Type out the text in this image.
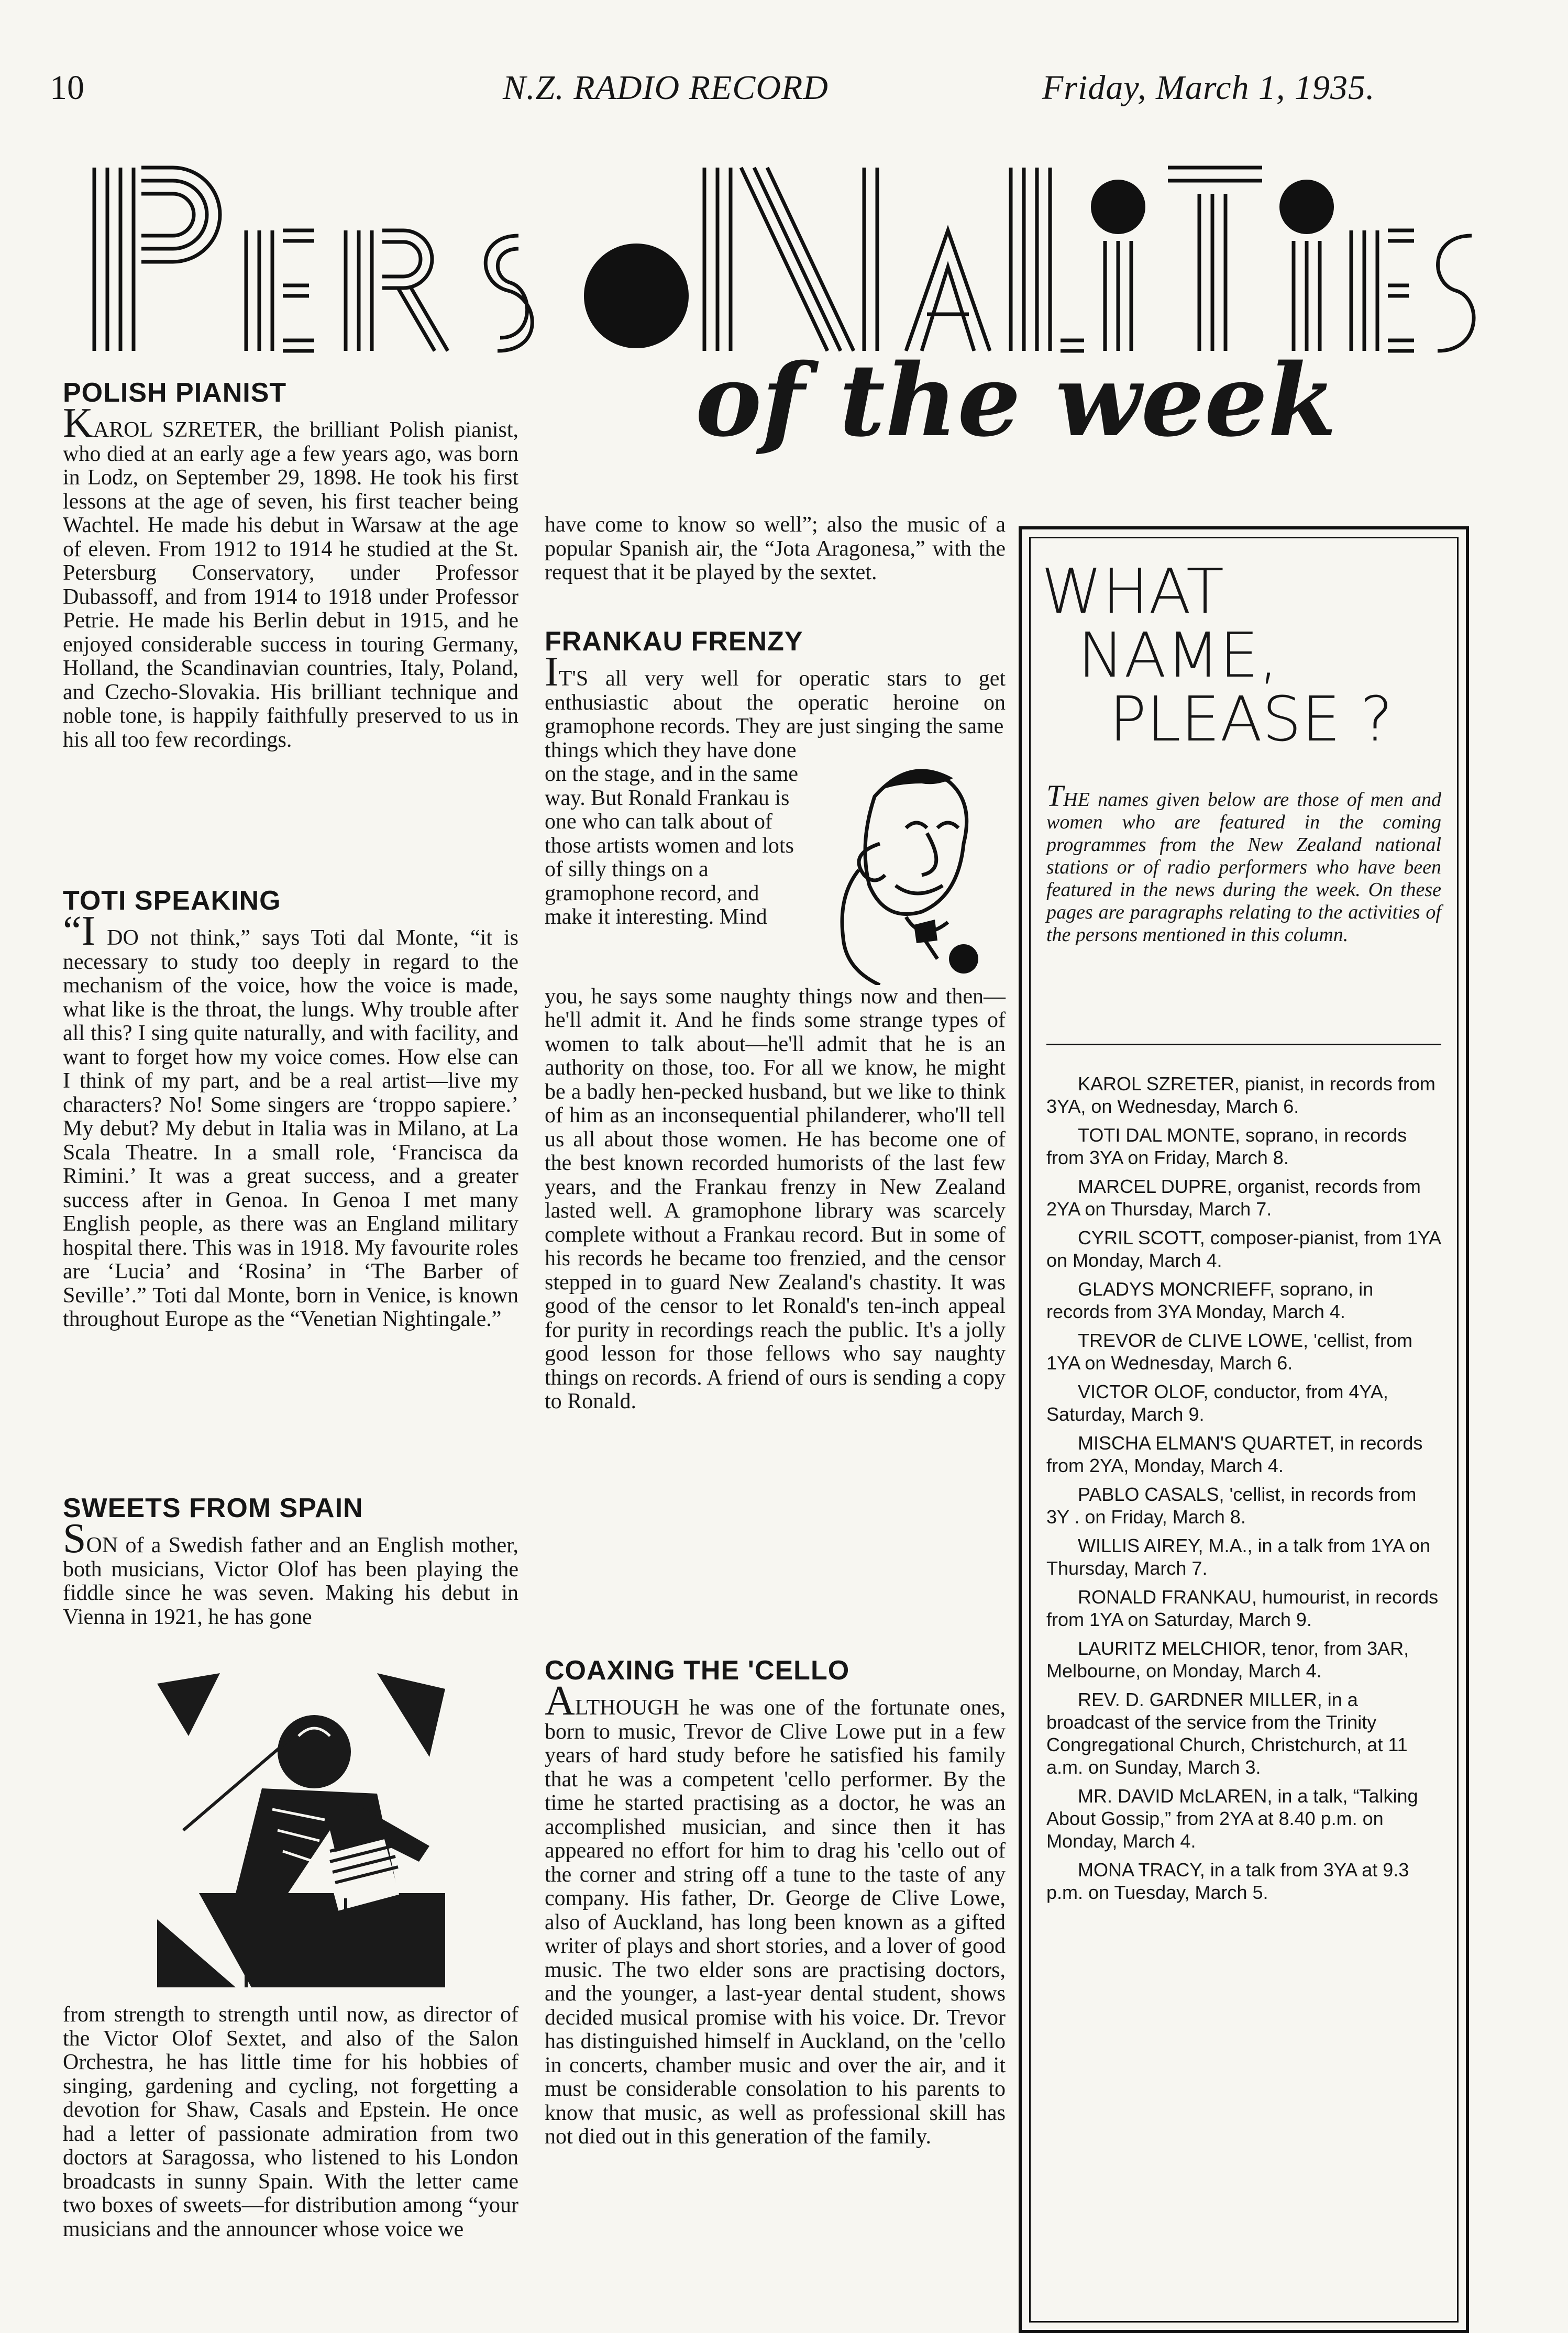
10	N.Z. RADIO RECORD	Friday, March 1, 1935.
of the week
POLISH PIANIST

KAROL SZRETER, the brilliant Polish pianist, who died at an early age a few years ago, was born in Lodz, on September 29, 1898. He took his first lessons at the age of seven, his first teacher being Wachtel. He made his debut in Warsaw at the age of eleven. From 1912 to 1914 he studied at the St. Petersburg Conservatory, under Professor Dubassoff, and from 1914 to 1918 under Professor Petrie. He made his Berlin debut in 1915, and he enjoyed considerable success in touring Germany, Holland, the Scandinavian countries, Italy, Poland, and Czecho-Slovakia. His brilliant technique and noble tone, is happily faithfully preserved to us in his all too few recordings.

TOTI SPEAKING

“I DO not think,” says Toti dal Monte, “it is necessary to study too deeply in regard to the mechanism of the voice, how the voice is made, what like is the throat, the lungs. Why trouble after all this? I sing quite naturally, and with facility, and want to forget how my voice comes. How else can I think of my part, and be a real artist—live my characters? No! Some singers are ‘troppo sapiere.’ My debut? My debut in Italia was in Milano, at La Scala Theatre. In a small role, ‘Francisca da Rimini.’ It was a great success, and a greater success after in Genoa. In Genoa I met many English people, as there was an England military hospital there. This was in 1918. My favourite roles are ‘Lucia’ and ‘Rosina’ in ‘The Barber of Seville’.” Toti dal Monte, born in Venice, is known throughout Europe as the “Venetian Nightingale.”

SWEETS FROM SPAIN

SON of a Swedish father and an English mother, both musicians, Victor Olof has been playing the fiddle since he was seven. Making his debut in Vienna in 1921, he has gone

from strength to strength until now, as director of the Victor Olof Sextet, and also of the Salon Orchestra, he has little time for his hobbies of singing, gardening and cycling, not forgetting a devotion for Shaw, Casals and Epstein. He once had a letter of passionate admiration from two doctors at Saragossa, who listened to his London broadcasts in sunny Spain. With the letter came two boxes of sweets—for distribution among “your musicians and the announcer whose voice we

have come to know so well”; also the music of a popular Spanish air, the “Jota Aragonesa,” with the request that it be played by the sextet.

FRANKAU FRENZY

IT'S all very well for operatic stars to get enthusiastic about the operatic heroine on gramophone records. They are just singing the same

things which they have done on the stage, and in the same way. But Ronald Frankau is one who can talk about of those artists women and lots of silly things on a gramophone record, and make it interesting. Mind

you, he says some naughty things now and then—he'll admit it. And he finds some strange types of women to talk about—he'll admit that he is an authority on those, too. For all we know, he might be a badly hen-pecked husband, but we like to think of him as an inconsequential philanderer, who'll tell us all about those women. He has become one of the best known recorded humorists of the last few years, and the Frankau frenzy in New Zealand lasted well. A gramophone library was scarcely complete without a Frankau record. But in some of his records he became too frenzied, and the censor stepped in to guard New Zealand's chastity. It was good of the censor to let Ronald's ten-inch appeal for purity in recordings reach the public. It's a jolly good lesson for those fellows who say naughty things on records. A friend of ours is sending a copy to Ronald.

COAXING THE 'CELLO

ALTHOUGH he was one of the fortunate ones, born to music, Trevor de Clive Lowe put in a few years of hard study before he satisfied his family that he was a competent 'cello performer. By the time he started practising as a doctor, he was an accomplished musician, and since then it has appeared no effort for him to drag his 'cello out of the corner and string off a tune to the taste of any company. His father, Dr. George de Clive Lowe, also of Auckland, has long been known as a gifted writer of plays and short stories, and a lover of good music. The two elder sons are practising doctors, and the younger, a last-year dental student, shows decided musical promise with his voice. Dr. Trevor has distinguished himself in Auckland, on the 'cello in concerts, chamber music and over the air, and it must be considerable consolation to his parents to know that music, as well as professional skill has not died out in this generation of the family.

WHAT
NAME,
PLEASE ?
THE names given below are those of men and women who are featured in the coming programmes from the New Zealand national stations or of radio performers who have been featured in the news during the week. On these pages are paragraphs relating to the activities of the persons mentioned in this column.

KAROL SZRETER, pianist, in records from 3YA, on Wednesday, March 6.

TOTI DAL MONTE, soprano, in records from 3YA on Friday, March 8.

MARCEL DUPRE, organist, records from 2YA on Thursday, March 7.

CYRIL SCOTT, composer-pianist, from 1YA on Monday, March 4.

GLADYS MONCRIEFF, soprano, in records from 3YA Monday, March 4.

TREVOR de CLIVE LOWE, 'cellist, from 1YA on Wednesday, March 6.

VICTOR OLOF, conductor, from 4YA, Saturday, March 9.

MISCHA ELMAN'S QUARTET, in records from 2YA, Monday, March 4.

PABLO CASALS, 'cellist, in records from 3Y . on Friday, March 8.

WILLIS AIREY, M.A., in a talk from 1YA on Thursday, March 7.

RONALD FRANKAU, humourist, in records from 1YA on Saturday, March 9.

LAURITZ MELCHIOR, tenor, from 3AR, Melbourne, on Monday, March 4.

REV. D. GARDNER MILLER, in a broadcast of the service from the Trinity Congregational Church, Christchurch, at 11 a.m. on Sunday, March 3.

MR. DAVID McLAREN, in a talk, “Talking About Gossip,” from 2YA at 8.40 p.m. on Monday, March 4.

MONA TRACY, in a talk from 3YA at 9.3 p.m. on Tuesday, March 5.
